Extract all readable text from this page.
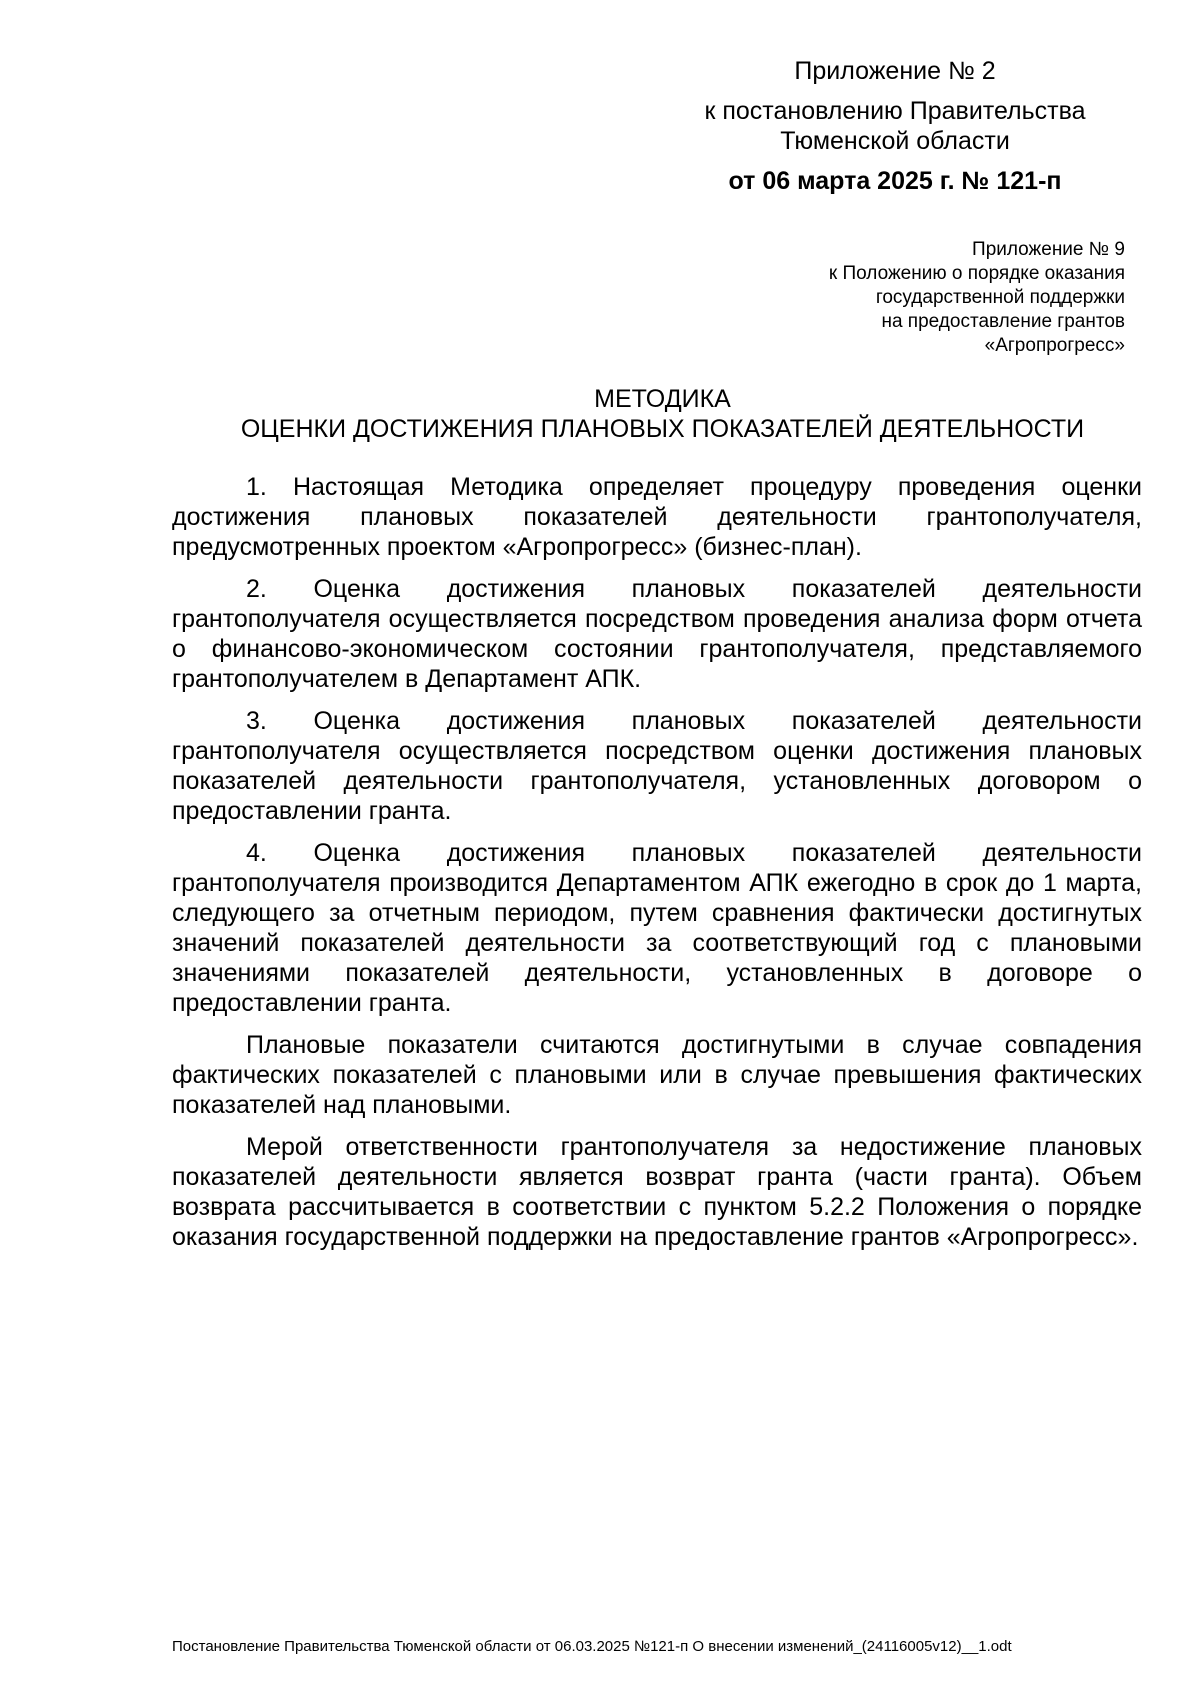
Приложение № 2
к постановлению Правительства
Тюменской области
от 06 марта 2025 г. № 121-п
Приложение № 9
к Положению о порядке оказания
государственной поддержки
на предоставление грантов
«Агропрогресс»
МЕТОДИКА
ОЦЕНКИ ДОСТИЖЕНИЯ ПЛАНОВЫХ ПОКАЗАТЕЛЕЙ ДЕЯТЕЛЬНОСТИ

1. Настоящая Методика определяет процедуру проведения оценки достижения плановых показателей деятельности грантополучателя, предусмотренных проектом «Агропрогресс» (бизнес-план).

2. Оценка достижения плановых показателей деятельности грантополучателя осуществляется посредством проведения анализа форм отчета о финансово-экономическом состоянии грантополучателя, представляемого грантополучателем в Департамент АПК.

3. Оценка достижения плановых показателей деятельности грантополучателя осуществляется посредством оценки достижения плановых показателей деятельности грантополучателя, установленных договором о предоставлении гранта.

4. Оценка достижения плановых показателей деятельности грантополучателя производится Департаментом АПК ежегодно в срок до 1 марта, следующего за отчетным периодом, путем сравнения фактически достигнутых значений показателей деятельности за соответствующий год с плановыми значениями показателей деятельности, установленных в договоре о предоставлении гранта.

Плановые показатели считаются достигнутыми в случае совпадения фактических показателей с плановыми или в случае превышения фактических показателей над плановыми.

Мерой ответственности грантополучателя за недостижение плановых показателей деятельности является возврат гранта (части гранта). Объем возврата рассчитывается в соответствии с пунктом 5.2.2 Положения о порядке оказания государственной поддержки на предоставление грантов «Агропрогресс».

Постановление Правительства Тюменской области от 06.03.2025 №121-п О внесении изменений_(24116005v12)__1.odt
